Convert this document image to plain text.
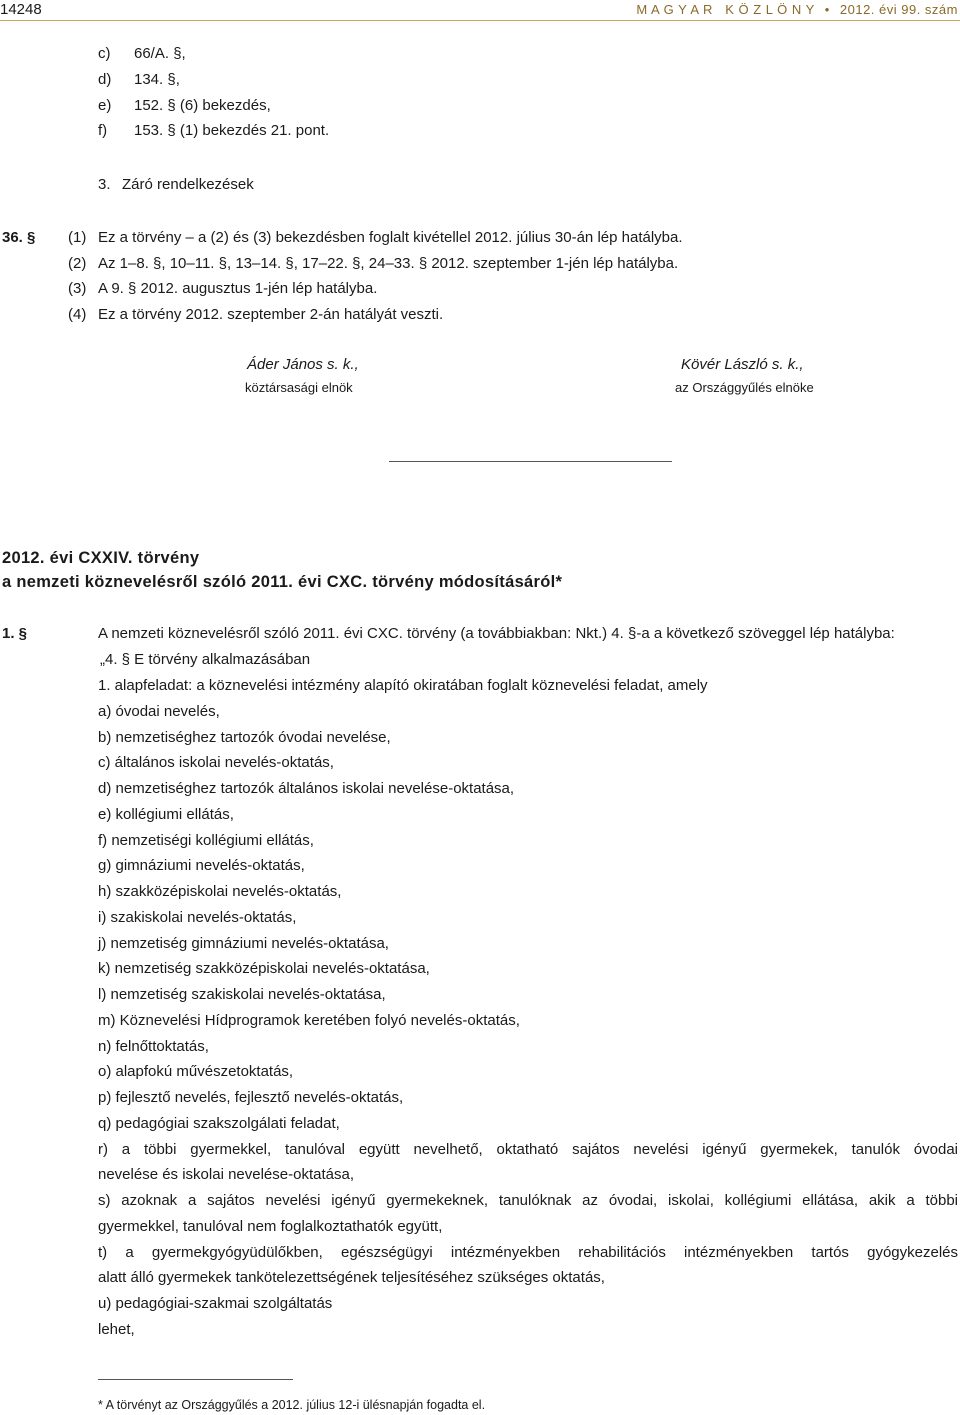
14248	M A G Y A R   K Ö Z L Ö N Y • 2012. évi 99. szám
c) 66/A. §,
d) 134. §,
e) 152. § (6) bekezdés,
f) 153. § (1) bekezdés 21. pont.
3. Záró rendelkezések
36. §	(1) Ez a törvény – a (2) és (3) bekezdésben foglalt kivétellel 2012. július 30-án lép hatályba.
(2) Az 1–8. §, 10–11. §, 13–14. §, 17–22. §, 24–33. § 2012. szeptember 1-jén lép hatályba.
(3) A 9. § 2012. augusztus 1-jén lép hatályba.
(4) Ez a törvény 2012. szeptember 2-án hatályát veszti.
Áder János s. k.,
köztársasági elnök
Kövér László s. k.,
az Országgyűlés elnöke
2012. évi CXXIV. törvény
a nemzeti köznevelésről szóló 2011. évi CXC. törvény módosításáról*
1. §	A nemzeti köznevelésről szóló 2011. évi CXC. törvény (a továbbiakban: Nkt.) 4. §-a a következő szöveggel lép hatályba:
„4. § E törvény alkalmazásában
1. alapfeladat: a köznevelési intézmény alapító okiratában foglalt köznevelési feladat, amely
a) óvodai nevelés,
b) nemzetiséghez tartozók óvodai nevelése,
c) általános iskolai nevelés-oktatás,
d) nemzetiséghez tartozók általános iskolai nevelése-oktatása,
e) kollégiumi ellátás,
f) nemzetiségi kollégiumi ellátás,
g) gimnáziumi nevelés-oktatás,
h) szakközépiskolai nevelés-oktatás,
i) szakiskolai nevelés-oktatás,
j) nemzetiség gimnáziumi nevelés-oktatása,
k) nemzetiség szakközépiskolai nevelés-oktatása,
l) nemzetiség szakiskolai nevelés-oktatása,
m) Köznevelési Hídprogramok keretében folyó nevelés-oktatás,
n) felnőttoktatás,
o) alapfokú művészetoktatás,
p) fejlesztő nevelés, fejlesztő nevelés-oktatás,
q) pedagógiai szakszolgálati feladat,
r) a többi gyermekkel, tanulóval együtt nevelhető, oktatható sajátos nevelési igényű gyermekek, tanulók óvodai
nevelése és iskolai nevelése-oktatása,
s) azoknak a sajátos nevelési igényű gyermekeknek, tanulóknak az óvodai, iskolai, kollégiumi ellátása, akik a többi
gyermekkel, tanulóval nem foglalkoztathatók együtt,
t) a gyermekgyógyüdülőkben, egészségügyi intézményekben rehabilitációs intézményekben tartós gyógykezelés
alatt álló gyermekek tankötelezettségének teljesítéséhez szükséges oktatás,
u) pedagógiai-szakmai szolgáltatás
lehet,
* A törvényt az Országgyűlés a 2012. július 12-i ülésnapján fogadta el.
